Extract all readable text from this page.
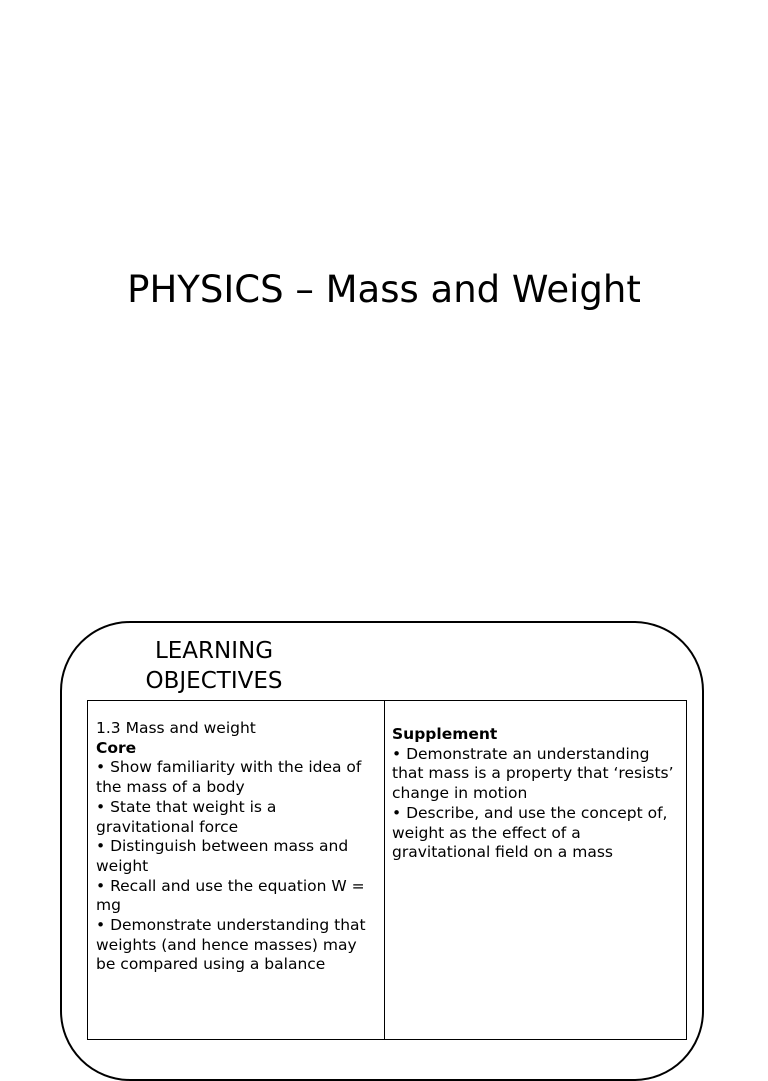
PHYSICS – Mass and Weight
LEARNING
OBJECTIVES
1.3 Mass and weight
Core
• Show familiarity with the idea of the mass of a body
• State that weight is a gravitational force
• Distinguish between mass and weight
• Recall and use the equation W = mg
• Demonstrate understanding that weights (and hence masses) may be compared using a balance
Supplement
• Demonstrate an understanding that mass is a property that ‘resists’ change in motion
• Describe, and use the concept of, weight as the effect of a gravitational field on a mass
